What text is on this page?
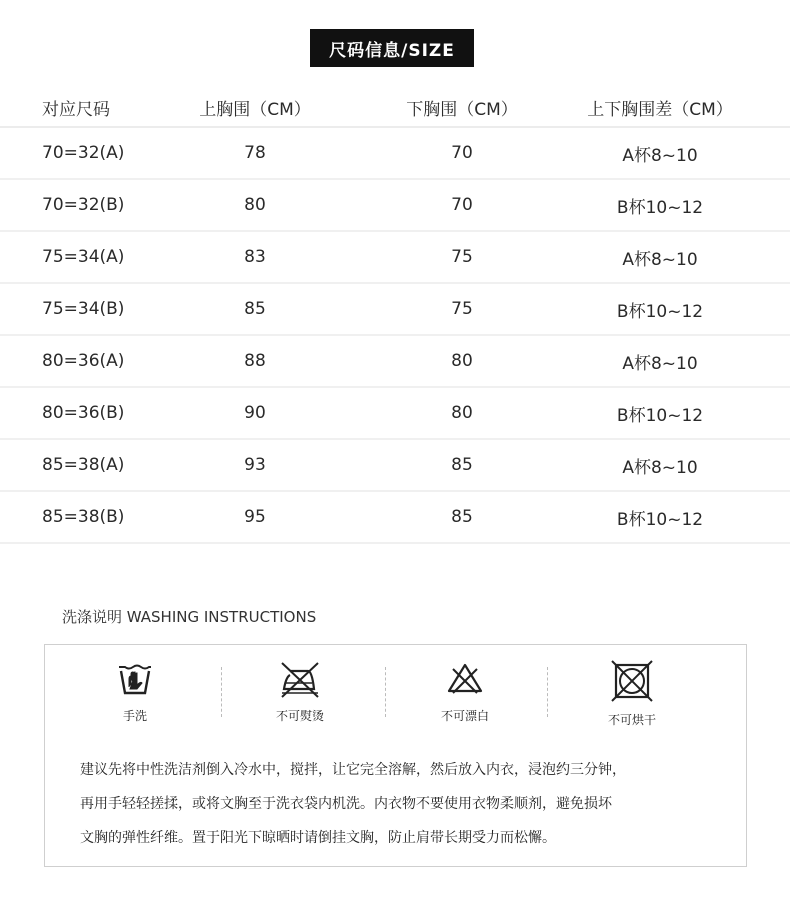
尺码信息/SIZE
对应尺码	上胸围（CM）	下胸围（CM）	上下胸围差（CM）
70=32(A)	78	70	A杯8~10
70=32(B)	80	70	B杯10~12
75=34(A)	83	75	A杯8~10
75=34(B)	85	75	B杯10~12
80=36(A)	88	80	A杯8~10
80=36(B)	90	80	B杯10~12
85=38(A)	93	85	A杯8~10
85=38(B)	95	85	B杯10~12
洗涤说明 WASHING INSTRUCTIONS
手洗	不可熨烫	不可漂白	不可烘干
建议先将中性洗洁剂倒入冷水中，搅拌，让它完全溶解，然后放入内衣，浸泡约三分钟，
再用手轻轻搓揉，或将文胸至于洗衣袋内机洗。内衣物不要使用衣物柔顺剂，避免损坏
文胸的弹性纤维。置于阳光下晾晒时请倒挂文胸，防止肩带长期受力而松懈。
